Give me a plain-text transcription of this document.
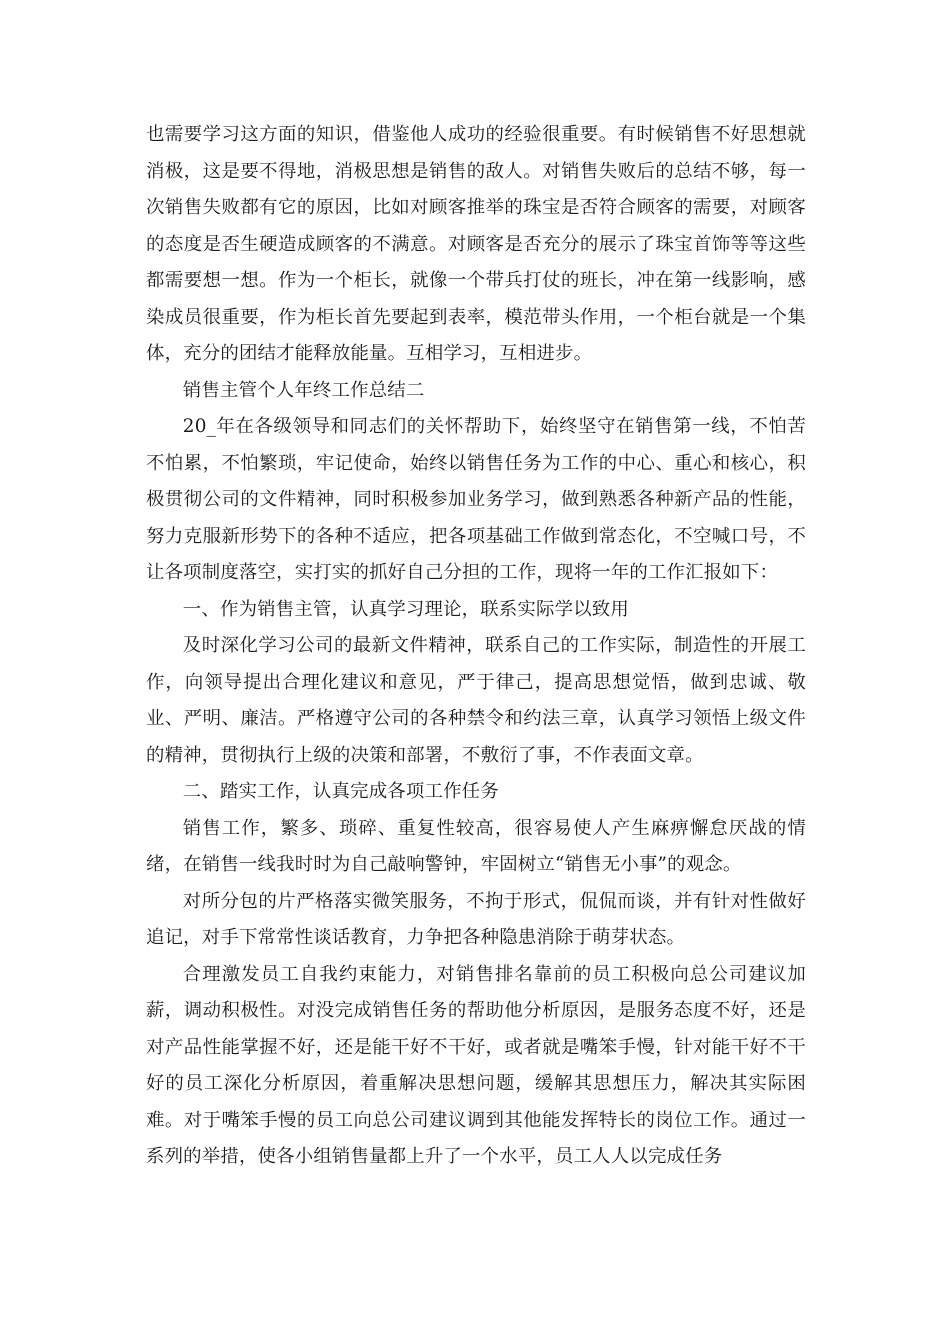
也需要学习这方面的知识，借鉴他人成功的经验很重要。有时候销售不好思想就消极，这是要不得地，消极思想是销售的敌人。对销售失败后的总结不够，每一次销售失败都有它的原因，比如对顾客推举的珠宝是否符合顾客的需要，对顾客的态度是否生硬造成顾客的不满意。对顾客是否充分的展示了珠宝首饰等等这些都需要想一想。作为一个柜长，就像一个带兵打仗的班长，冲在第一线影响，感染成员很重要，作为柜长首先要起到表率，模范带头作用，一个柜台就是一个集体，充分的团结才能释放能量。互相学习，互相进步。

销售主管个人年终工作总结二

20_年在各级领导和同志们的关怀帮助下，始终坚守在销售第一线，不怕苦不怕累，不怕繁琐，牢记使命，始终以销售任务为工作的中心、重心和核心，积极贯彻公司的文件精神，同时积极参加业务学习，做到熟悉各种新产品的性能，努力克服新形势下的各种不适应，把各项基础工作做到常态化，不空喊口号，不让各项制度落空，实打实的抓好自己分担的工作，现将一年的工作汇报如下：

一、作为销售主管，认真学习理论，联系实际学以致用

及时深化学习公司的最新文件精神，联系自己的工作实际，制造性的开展工作，向领导提出合理化建议和意见，严于律己，提高思想觉悟，做到忠诚、敬业、严明、廉洁。严格遵守公司的各种禁令和约法三章，认真学习领悟上级文件的精神，贯彻执行上级的决策和部署，不敷衍了事，不作表面文章。

二、踏实工作，认真完成各项工作任务

销售工作，繁多、琐碎、重复性较高，很容易使人产生麻痹懈怠厌战的情绪，在销售一线我时时为自己敲响警钟，牢固树立“销售无小事”的观念。

对所分包的片严格落实微笑服务，不拘于形式，侃侃而谈，并有针对性做好追记，对手下常常性谈话教育，力争把各种隐患消除于萌芽状态。

合理激发员工自我约束能力，对销售排名靠前的员工积极向总公司建议加薪，调动积极性。对没完成销售任务的帮助他分析原因，是服务态度不好，还是对产品性能掌握不好，还是能干好不干好，或者就是嘴笨手慢，针对能干好不干好的员工深化分析原因，着重解决思想问题，缓解其思想压力，解决其实际困难。对于嘴笨手慢的员工向总公司建议调到其他能发挥特长的岗位工作。通过一系列的举措，使各小组销售量都上升了一个水平，员工人人以完成任务
